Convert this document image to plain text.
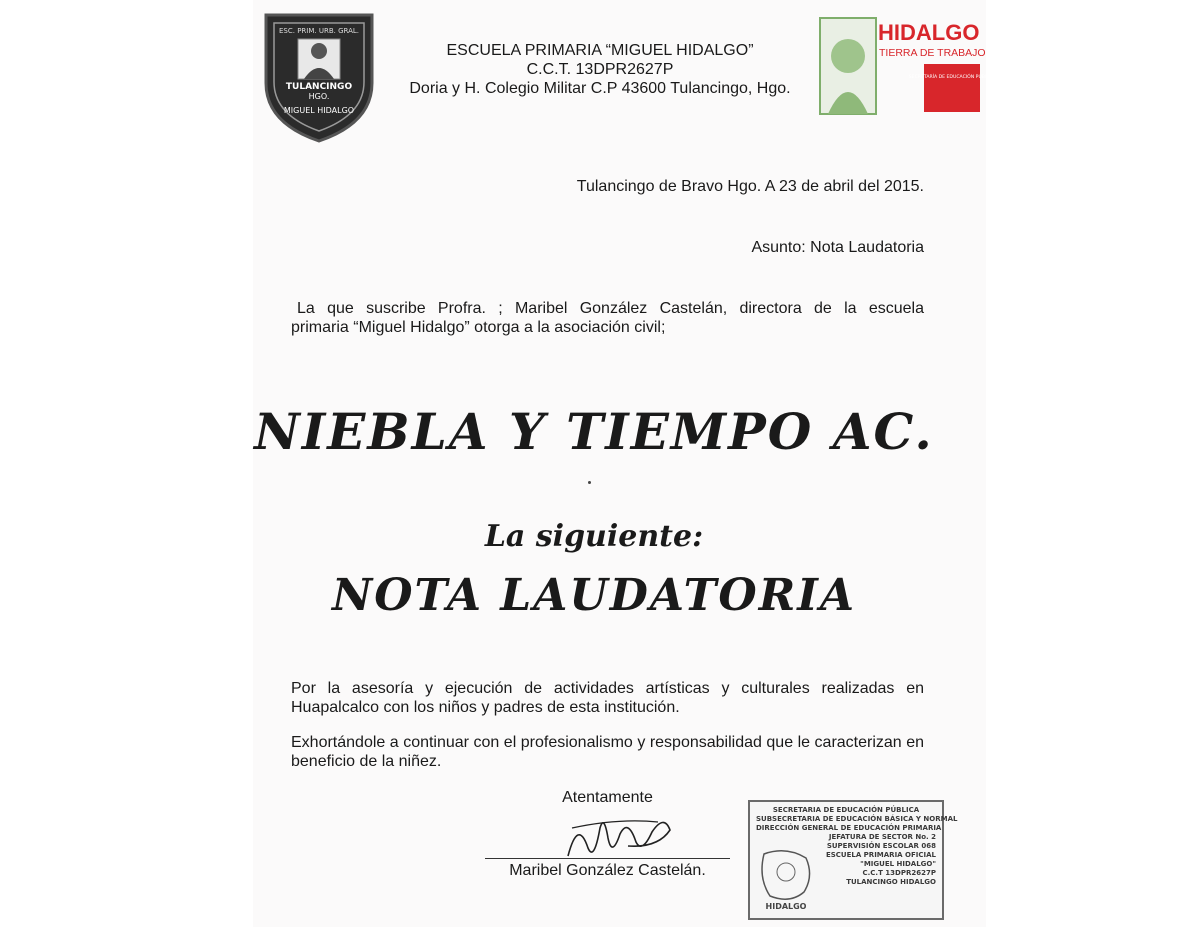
ESC. PRIM. URB. GRAL.
TULANCINGO
HGO.
MIGUEL HIDALGO
ESCUELA PRIMARIA “MIGUEL HIDALGO”
C.C.T. 13DPR2627P
Doria y H. Colegio Militar C.P 43600 Tulancingo, Hgo.
HIDALGO
TIERRA DE TRABAJO
SECRETARÍA DE EDUCACIÓN PÚBLICA
Tulancingo de Bravo Hgo. A 23 de abril del 2015.
Asunto: Nota Laudatoria
La que suscribe Profra. ; Maribel González Castelán, directora de la escuela
primaria “Miguel Hidalgo” otorga a la asociación civil;
NIEBLA Y TIEMPO AC.
La siguiente:
NOTA LAUDATORIA
Por la asesoría y ejecución de actividades artísticas y culturales realizadas en
Huapalcalco con los niños y padres de esta institución.
Exhortándole a continuar con el profesionalismo y responsabilidad que le caracterizan en
beneficio de la niñez.
Atentamente
Maribel González Castelán.
SECRETARIA DE EDUCACIÓN PÚBLICA
SUBSECRETARIA DE EDUCACIÓN BÁSICA Y NORMAL
DIRECCIÓN GENERAL DE EDUCACIÓN PRIMARIA
JEFATURA DE SECTOR No. 2
SUPERVISIÓN ESCOLAR 068
ESCUELA PRIMARIA OFICIAL
"MIGUEL HIDALGO"
C.C.T 13DPR2627P
TULANCINGO HIDALGO
HIDALGO
